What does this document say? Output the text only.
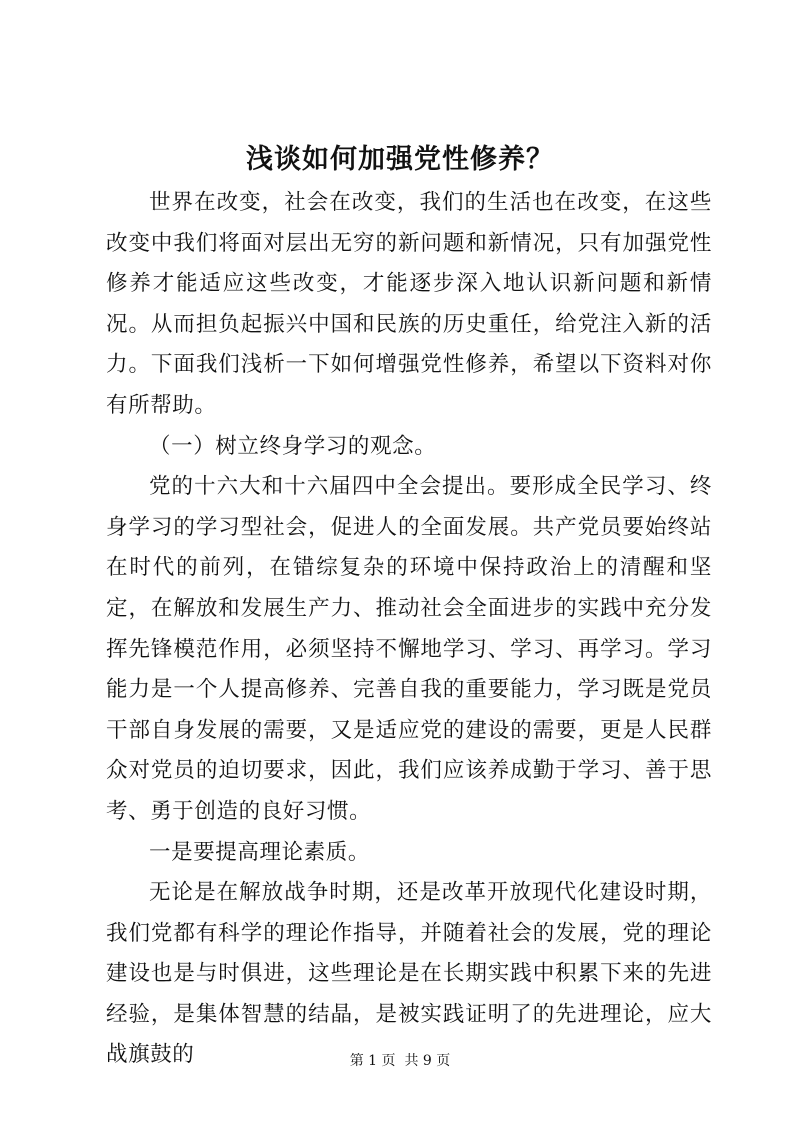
浅谈如何加强党性修养？

世界在改变，社会在改变，我们的生活也在改变，在这些改变中我们将面对层出无穷的新问题和新情况，只有加强党性修养才能适应这些改变，才能逐步深入地认识新问题和新情况。从而担负起振兴中国和民族的历史重任，给党注入新的活力。下面我们浅析一下如何增强党性修养，希望以下资料对你有所帮助。

（一）树立终身学习的观念。

党的十六大和十六届四中全会提出。要形成全民学习、终身学习的学习型社会，促进人的全面发展。共产党员要始终站在时代的前列，在错综复杂的环境中保持政治上的清醒和坚定，在解放和发展生产力、推动社会全面进步的实践中充分发挥先锋模范作用，必须坚持不懈地学习、学习、再学习。学习能力是一个人提高修养、完善自我的重要能力，学习既是党员干部自身发展的需要，又是适应党的建设的需要，更是人民群众对党员的迫切要求，因此，我们应该养成勤于学习、善于思考、勇于创造的良好习惯。

一是要提高理论素质。

无论是在解放战争时期，还是改革开放现代化建设时期，我们党都有科学的理论作指导，并随着社会的发展，党的理论建设也是与时俱进，这些理论是在长期实践中积累下来的先进经验，是集体智慧的结晶，是被实践证明了的先进理论，应大战旗鼓的	第 1 页  共 9 页
